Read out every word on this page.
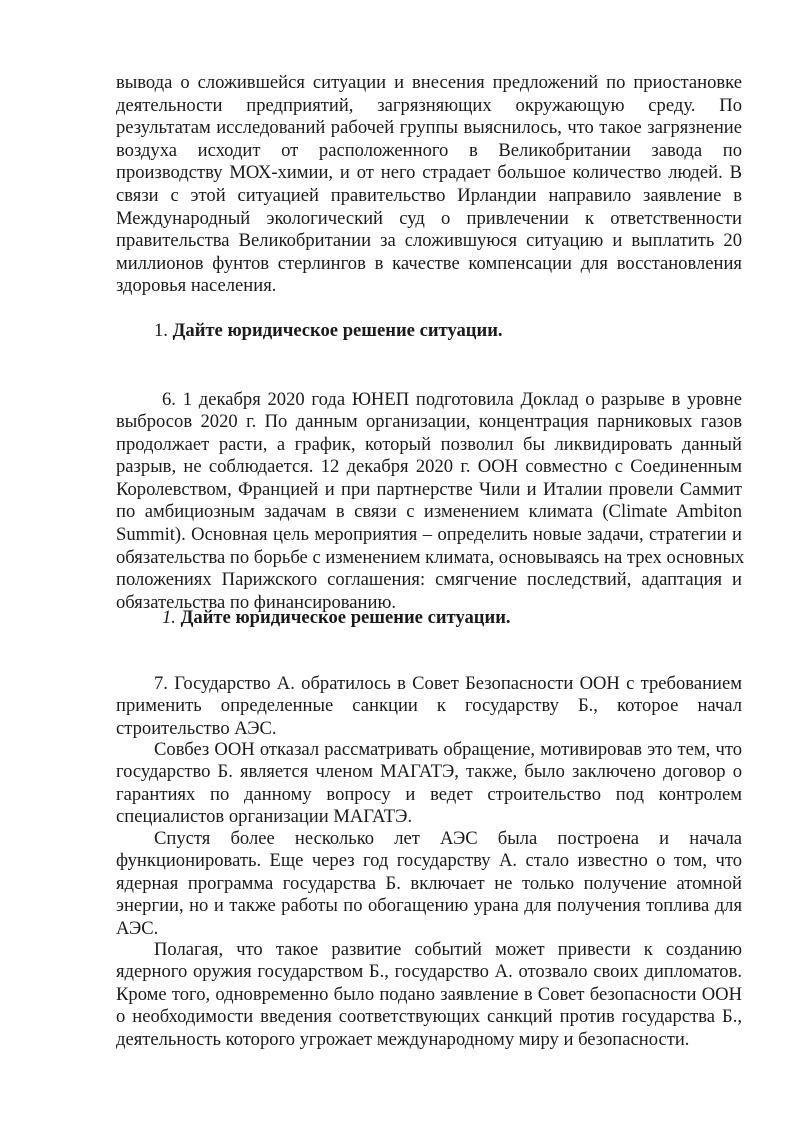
вывода о сложившейся ситуации и внесения предложений по приостановке

деятельности предприятий, загрязняющих окружающую среду. По

результатам исследований рабочей группы выяснилось, что такое загрязнение

воздуха исходит от расположенного в Великобритании завода по

производству МОХ-химии, и от него страдает большое количество людей. В

связи с этой ситуацией правительство Ирландии направило заявление в

Международный экологический суд о привлечении к ответственности

правительства Великобритании за сложившуюся ситуацию и выплатить 20

миллионов фунтов стерлингов в качестве компенсации для восстановления

здоровья населения.

1. Дайте юридическое решение ситуации.

6. 1 декабря 2020 года ЮНЕП подготовила Доклад о разрыве в уровне

выбросов 2020 г. По данным организации, концентрация парниковых газов

продолжает расти, а график, который позволил бы ликвидировать данный

разрыв, не соблюдается. 12 декабря 2020 г. ООН совместно с Соединенным

Королевством, Францией и при партнерстве Чили и Италии провели Саммит

по амбициозным задачам в связи с изменением климата (Climate Ambiton

Summit). Основная цель мероприятия – определить новые задачи, стратегии и

обязательства по борьбе с изменением климата, основываясь на трех основных

положениях Парижского соглашения: смягчение последствий, адаптация и

обязательства по финансированию.

1. Дайте юридическое решение ситуации.

7. Государство А. обратилось в Совет Безопасности ООН с требованием

применить определенные санкции к государству Б., которое начал

строительство АЭС.

Совбез ООН отказал рассматривать обращение, мотивировав это тем, что

государство Б. является членом МАГАТЭ, также, было заключено договор о

гарантиях по данному вопросу и ведет строительство под контролем

специалистов организации МАГАТЭ.

Спустя более несколько лет АЭС была построена и начала

функционировать. Еще через год государству А. стало известно о том, что

ядерная программа государства Б. включает не только получение атомной

энергии, но и также работы по обогащению урана для получения топлива для

АЭС.

Полагая, что такое развитие событий может привести к созданию

ядерного оружия государством Б., государство А. отозвало своих дипломатов.

Кроме того, одновременно было подано заявление в Совет безопасности ООН

о необходимости введения соответствующих санкций против государства Б.,

деятельность которого угрожает международному миру и безопасности.
